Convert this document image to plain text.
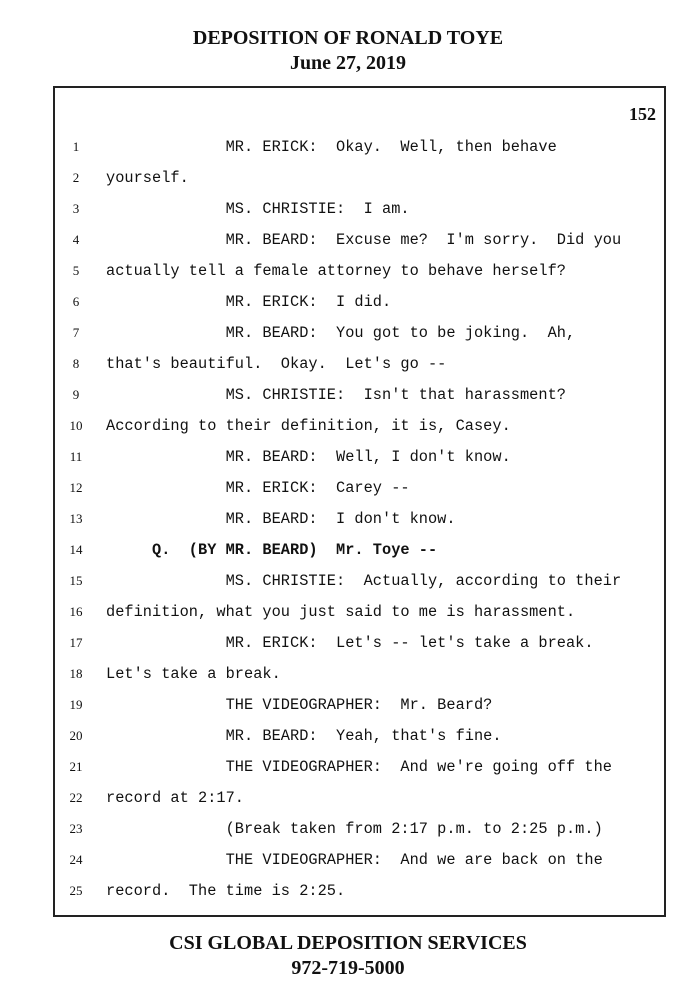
DEPOSITION OF RONALD TOYE
June 27, 2019
152
1	MR. ERICK:  Okay.  Well, then behave
2	yourself.
3	MS. CHRISTIE:  I am.
4	MR. BEARD:  Excuse me?  I'm sorry.  Did you
5	actually tell a female attorney to behave herself?
6	MR. ERICK:  I did.
7	MR. BEARD:  You got to be joking.  Ah,
8	that's beautiful.  Okay.  Let's go --
9	MS. CHRISTIE:  Isn't that harassment?
10	According to their definition, it is, Casey.
11	MR. BEARD:  Well, I don't know.
12	MR. ERICK:  Carey --
13	MR. BEARD:  I don't know.
14	Q.  (BY MR. BEARD)  Mr. Toye --
15	MS. CHRISTIE:  Actually, according to their
16	definition, what you just said to me is harassment.
17	MR. ERICK:  Let's -- let's take a break.
18	Let's take a break.
19	THE VIDEOGRAPHER:  Mr. Beard?
20	MR. BEARD:  Yeah, that's fine.
21	THE VIDEOGRAPHER:  And we're going off the
22	record at 2:17.
23	(Break taken from 2:17 p.m. to 2:25 p.m.)
24	THE VIDEOGRAPHER:  And we are back on the
25	record.  The time is 2:25.
CSI GLOBAL DEPOSITION SERVICES
972-719-5000
